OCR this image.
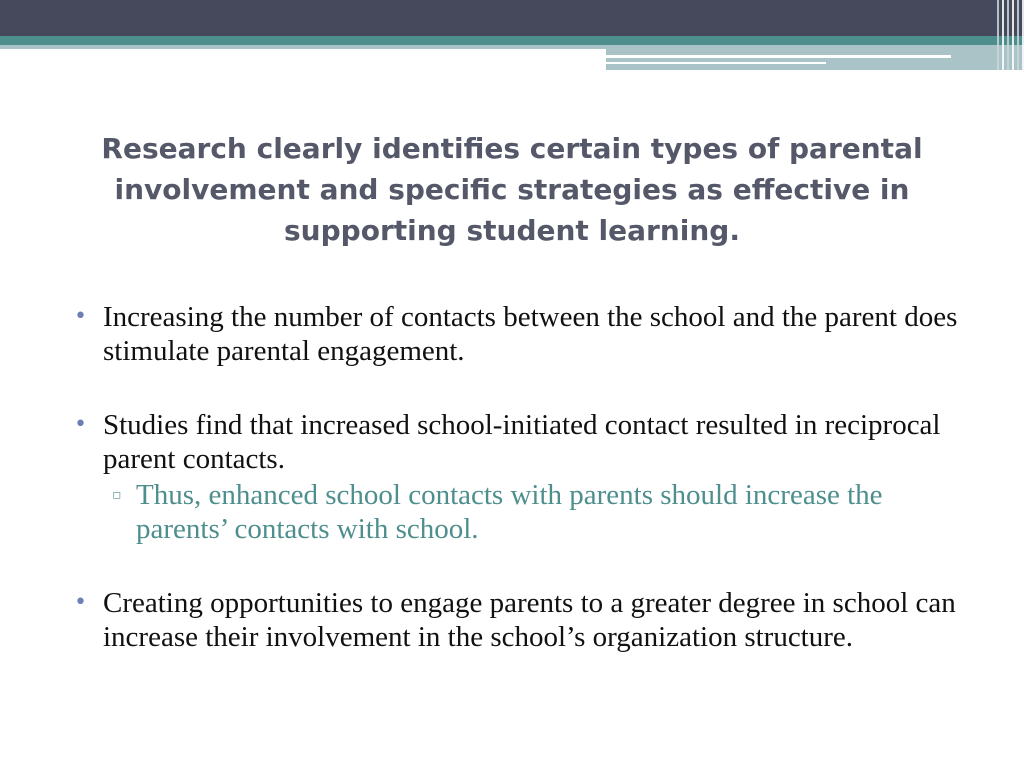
Research clearly identifies certain types of parental involvement and specific strategies as effective in supporting student learning.
• Increasing the number of contacts between the school and the parent does stimulate parental engagement.
• Studies find that increased school-initiated contact resulted in reciprocal parent contacts.
▫ Thus, enhanced school contacts with parents should increase the parents’ contacts with school.
• Creating opportunities to engage parents to a greater degree in school can increase their involvement in the school’s organization structure.
